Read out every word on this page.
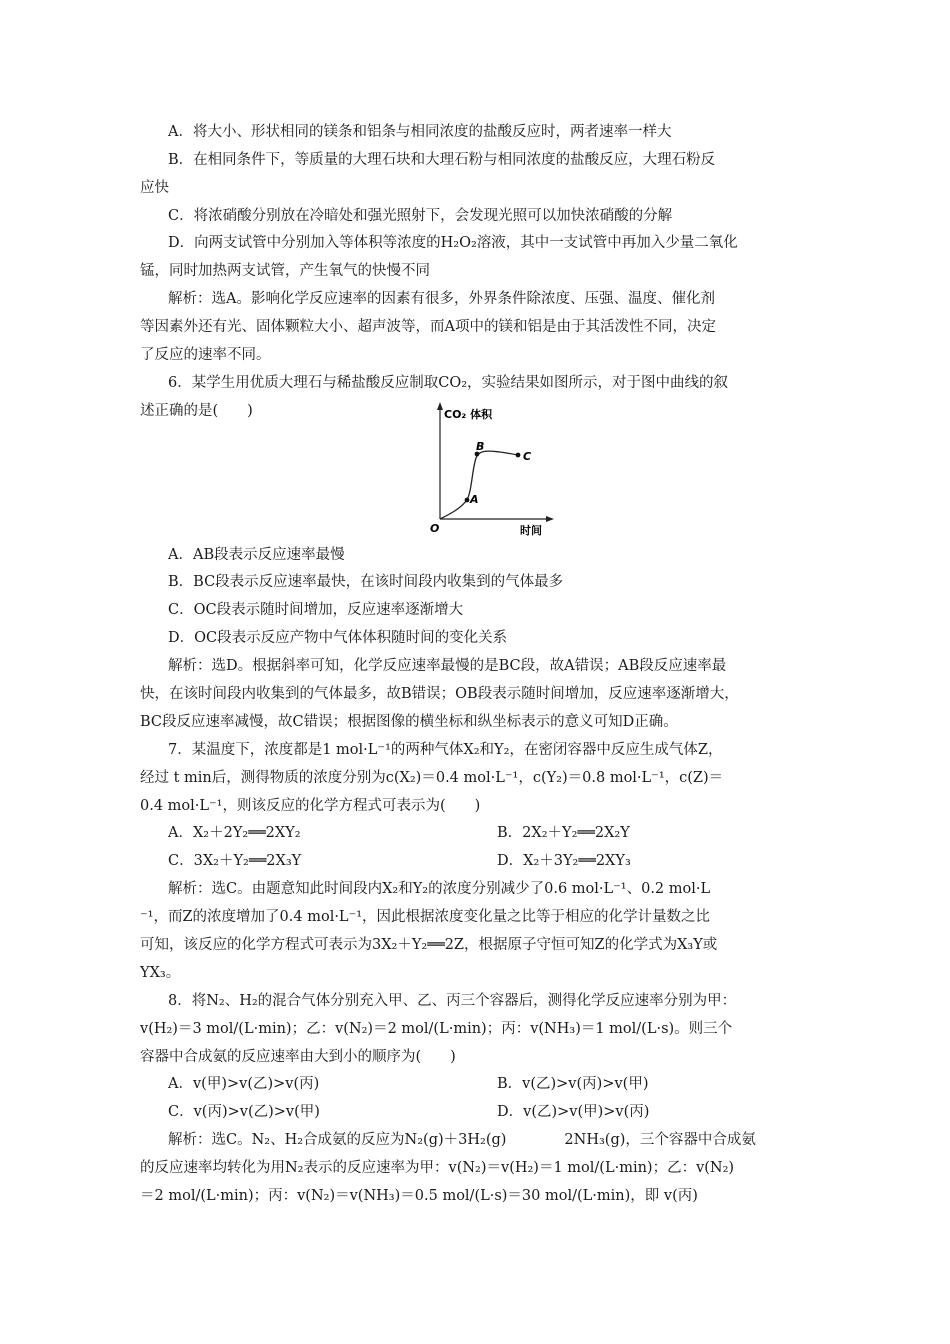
A．将大小、形状相同的镁条和铝条与相同浓度的盐酸反应时，两者速率一样大
B．在相同条件下，等质量的大理石块和大理石粉与相同浓度的盐酸反应，大理石粉反
应快
C．将浓硝酸分别放在冷暗处和强光照射下，会发现光照可以加快浓硝酸的分解
D．向两支试管中分别加入等体积等浓度的H₂O₂溶液，其中一支试管中再加入少量二氧化
锰，同时加热两支试管，产生氧气的快慢不同
解析：选A。影响化学反应速率的因素有很多，外界条件除浓度、压强、温度、催化剂
等因素外还有光、固体颗粒大小、超声波等，而A项中的镁和铝是由于其活泼性不同，决定
了反应的速率不同。
6．某学生用优质大理石与稀盐酸反应制取CO₂，实验结果如图所示，对于图中曲线的叙
述正确的是(　　)	CO₂ 体积
时间
O
A
B
C
A．AB段表示反应速率最慢
B．BC段表示反应速率最快，在该时间段内收集到的气体最多
C．OC段表示随时间增加，反应速率逐渐增大
D．OC段表示反应产物中气体体积随时间的变化关系
解析：选D。根据斜率可知，化学反应速率最慢的是BC段，故A错误；AB段反应速率最
快，在该时间段内收集到的气体最多，故B错误；OB段表示随时间增加，反应速率逐渐增大，
BC段反应速率减慢，故C错误；根据图像的横坐标和纵坐标表示的意义可知D正确。
7．某温度下，浓度都是1 mol·L⁻¹的两种气体X₂和Y₂，在密闭容器中反应生成气体Z，
经过 t min后，测得物质的浓度分别为c(X₂)＝0.4 mol·L⁻¹，c(Y₂)＝0.8 mol·L⁻¹，c(Z)＝
0.4 mol·L⁻¹，则该反应的化学方程式可表示为(　　)
A．X₂＋2Y₂══2XY₂	B．2X₂＋Y₂══2X₂Y
C．3X₂＋Y₂══2X₃Y	D．X₂＋3Y₂══2XY₃
解析：选C。由题意知此时间段内X₂和Y₂的浓度分别减少了0.6 mol·L⁻¹、0.2 mol·L
⁻¹，而Z的浓度增加了0.4 mol·L⁻¹，因此根据浓度变化量之比等于相应的化学计量数之比
可知，该反应的化学方程式可表示为3X₂＋Y₂══2Z，根据原子守恒可知Z的化学式为X₃Y或
YX₃。
8．将N₂、H₂的混合气体分别充入甲、乙、丙三个容器后，测得化学反应速率分别为甲：
v(H₂)＝3 mol/(L·min)；乙：v(N₂)＝2 mol/(L·min)；丙：v(NH₃)＝1 mol/(L·s)。则三个
容器中合成氨的反应速率由大到小的顺序为(　　)
A．v(甲)>v(乙)>v(丙)	B．v(乙)>v(丙)>v(甲)
C．v(丙)>v(乙)>v(甲)	D．v(乙)>v(甲)>v(丙)
解析：选C。N₂、H₂合成氨的反应为N₂(g)＋3H₂(g)　　　　2NH₃(g)，三个容器中合成氨
的反应速率均转化为用N₂表示的反应速率为甲：v(N₂)＝v(H₂)＝1 mol/(L·min)；乙：v(N₂)
＝2 mol/(L·min)；丙：v(N₂)＝v(NH₃)＝0.5 mol/(L·s)＝30 mol/(L·min)，即 v(丙)
